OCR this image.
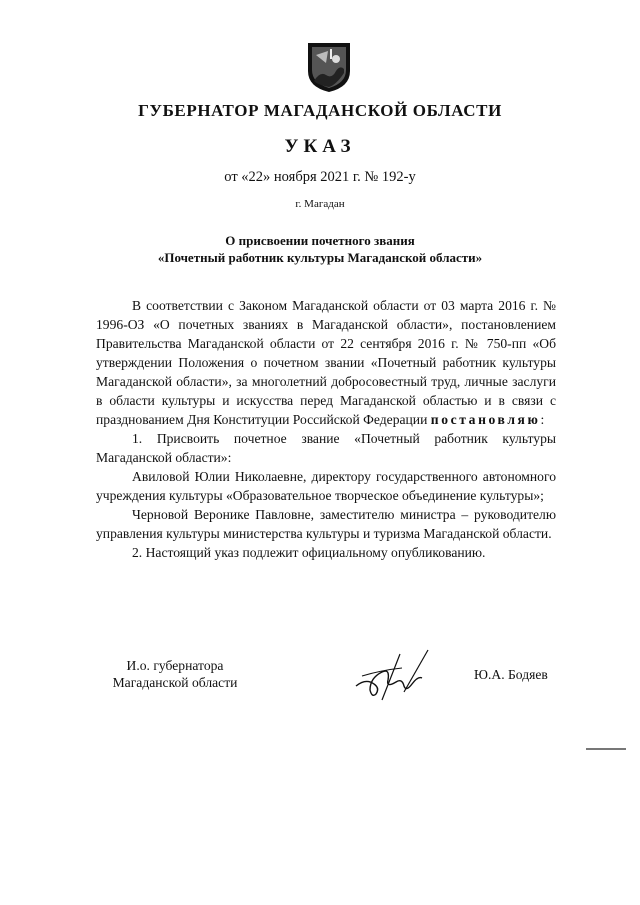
ГУБЕРНАТОР МАГАДАНСКОЙ ОБЛАСТИ
УКАЗ
от «22» ноября 2021 г. № 192-у
г. Магадан
О присвоении почетного звания
«Почетный работник культуры Магаданской области»

В соответствии с Законом Магаданской области от 03 марта 2016 г. № 1996-ОЗ «О почетных званиях в Магаданской области», постановлением Правительства Магаданской области от 22 сентября 2016 г. № 750-пп «Об утверждении Положения о почетном звании «Почетный работник культуры Магаданской области», за многолетний добросовестный труд, личные заслуги в области культуры и искусства перед Магаданской областью и в связи с празднованием Дня Конституции Российской Федерации постановляю:

1. Присвоить почетное звание «Почетный работник культуры Магаданской области»:

Авиловой Юлии Николаевне, директору государственного автономного учреждения культуры «Образовательное творческое объединение культуры»;

Черновой Веронике Павловне, заместителю министра – руководителю управления культуры министерства культуры и туризма Магаданской области.

2. Настоящий указ подлежит официальному опубликованию.

И.о. губернатора
Магаданской области
Ю.А. Бодяев
